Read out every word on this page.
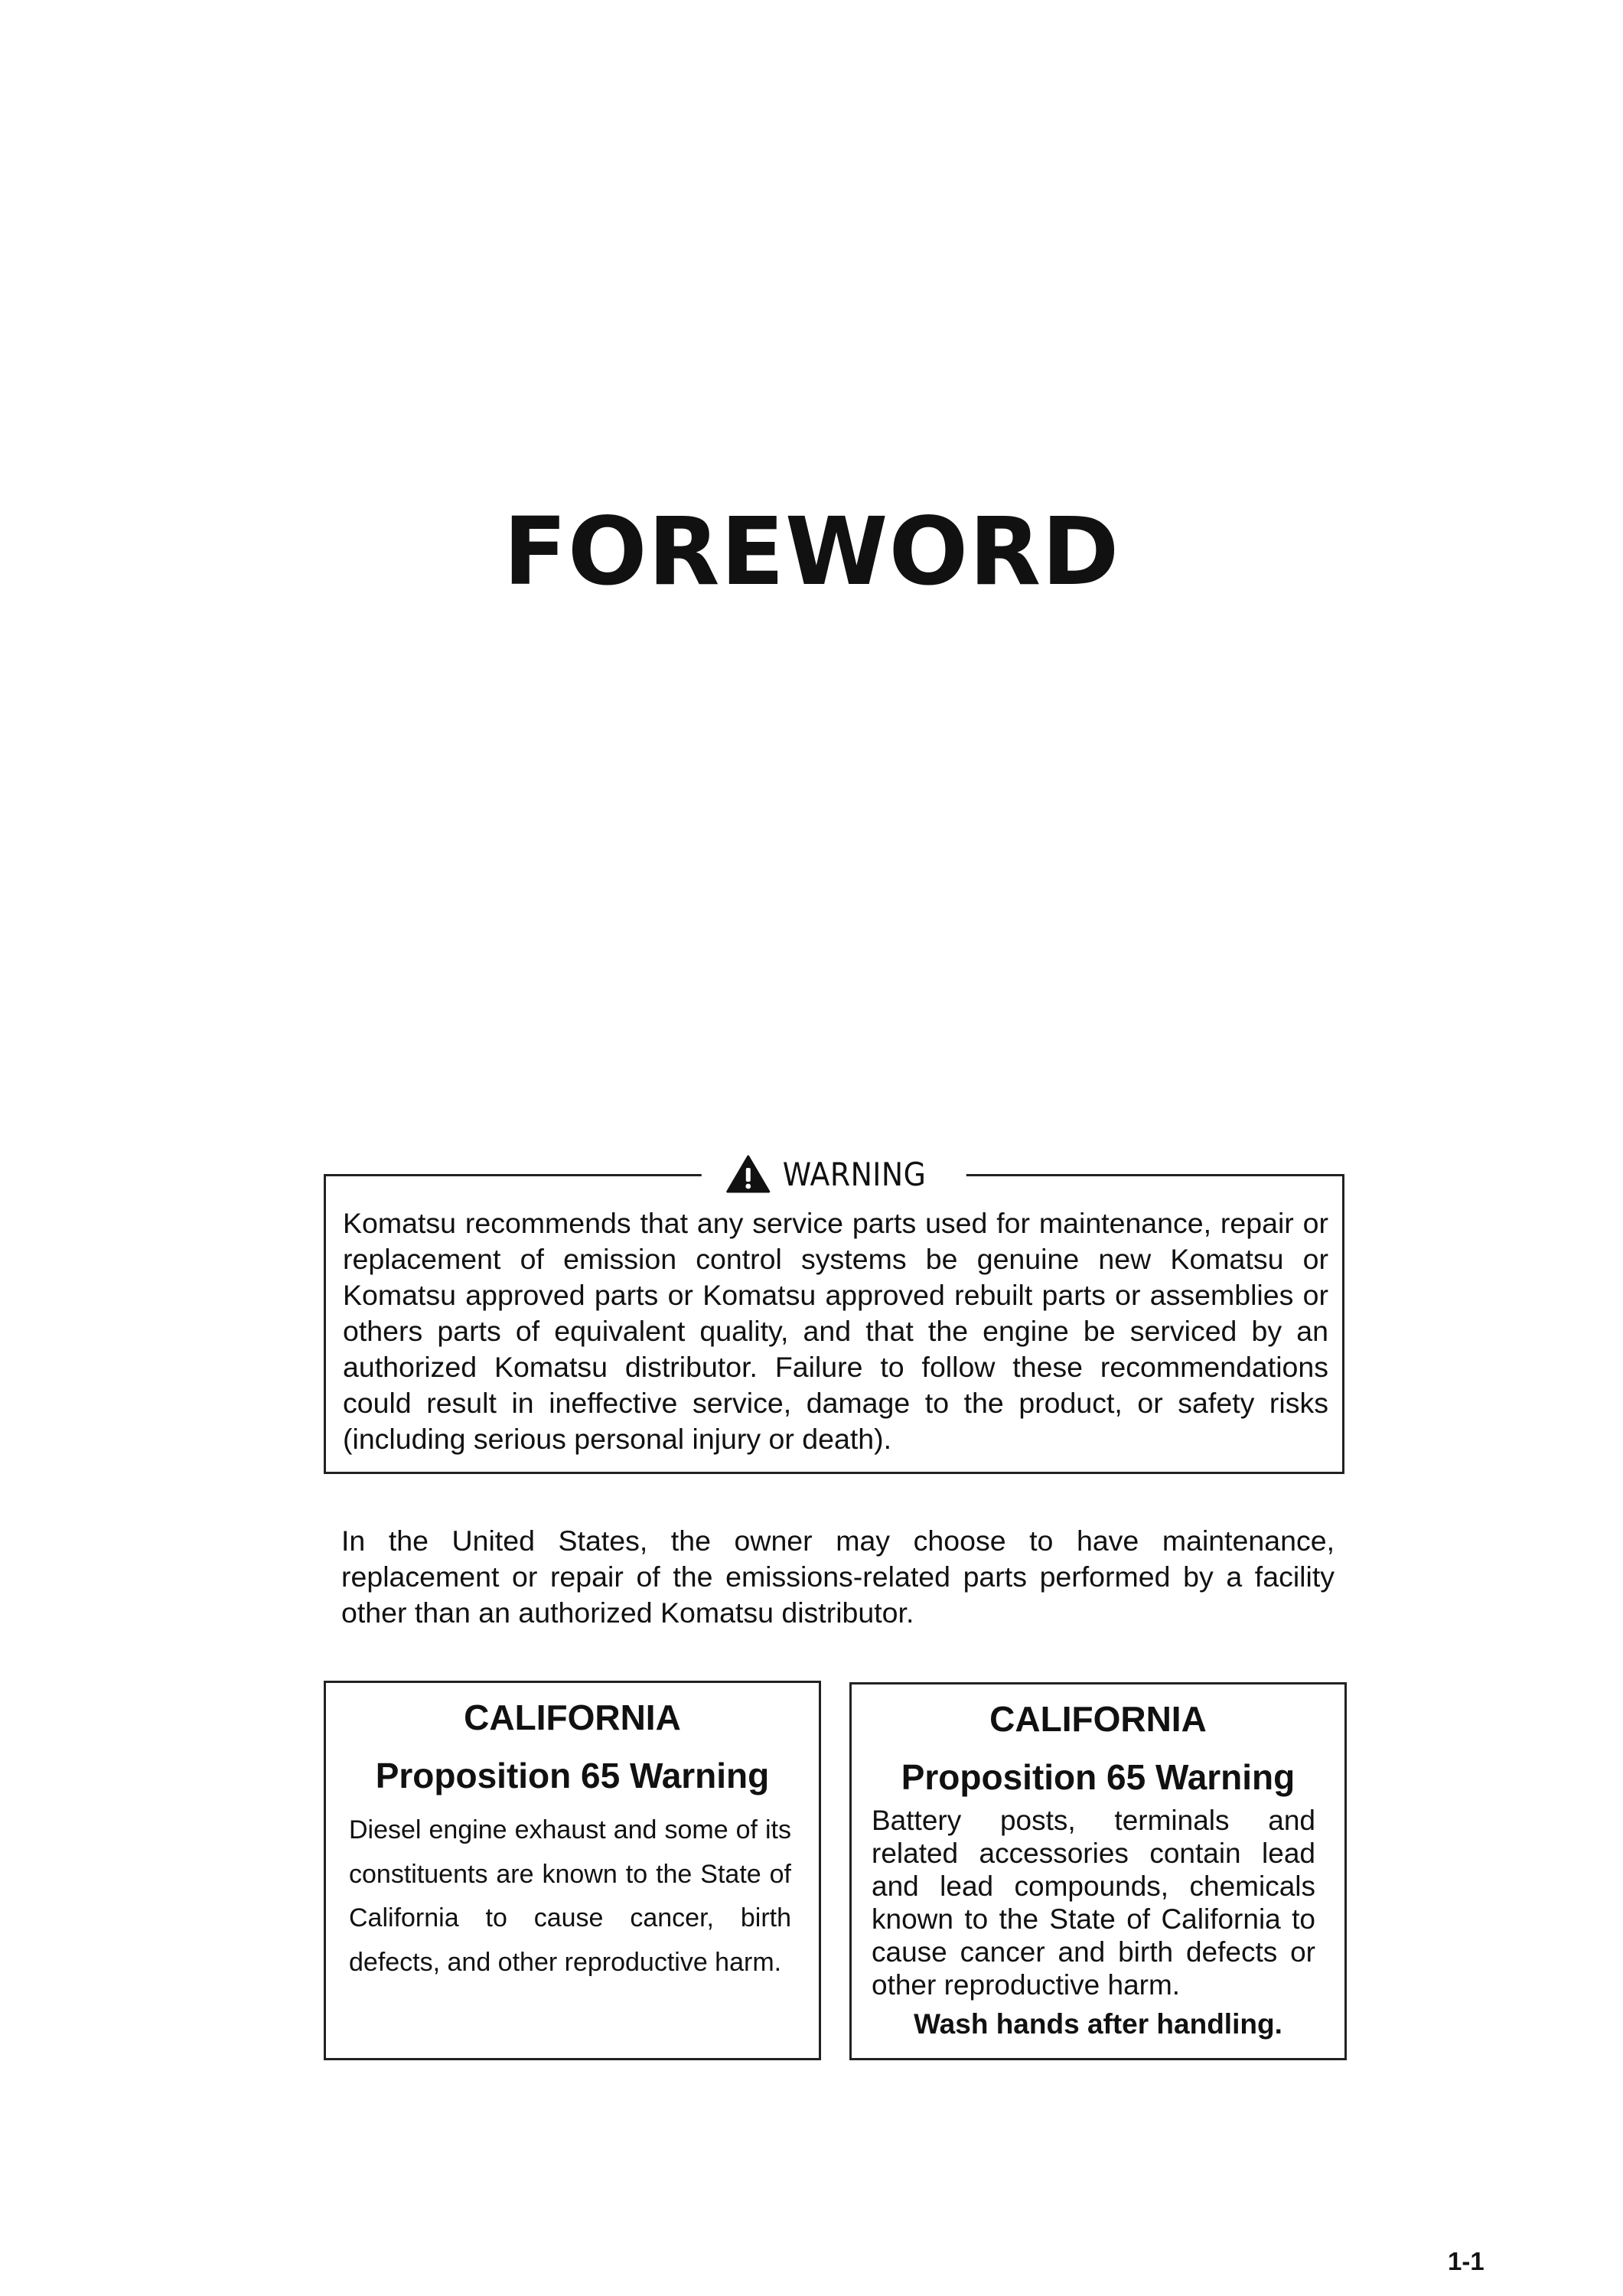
FOREWORD
WARNING

Komatsu recommends that any service parts used for maintenance, repair or replacement of emission control systems be genuine new Komatsu or Komatsu approved parts or Komatsu approved rebuilt parts or assemblies or others parts of equivalent quality, and that the engine be serviced by an authorized Komatsu distributor. Failure to follow these recommendations could result in ineffective service, damage to the product, or safety risks (including serious personal injury or death).

In the United States, the owner may choose to have maintenance, replacement or repair of the emissions-related parts performed by a facility other than an authorized Komatsu distributor.

CALIFORNIA

Proposition 65 Warning

Diesel engine exhaust and some of its constituents are known to the State of California to cause cancer, birth defects, and other reproductive harm.

CALIFORNIA

Proposition 65 Warning

Battery posts, terminals and related accessories contain lead and lead compounds, chemicals known to the State of California to cause cancer and birth defects or other reproductive harm.

Wash hands after handling.

1-1
